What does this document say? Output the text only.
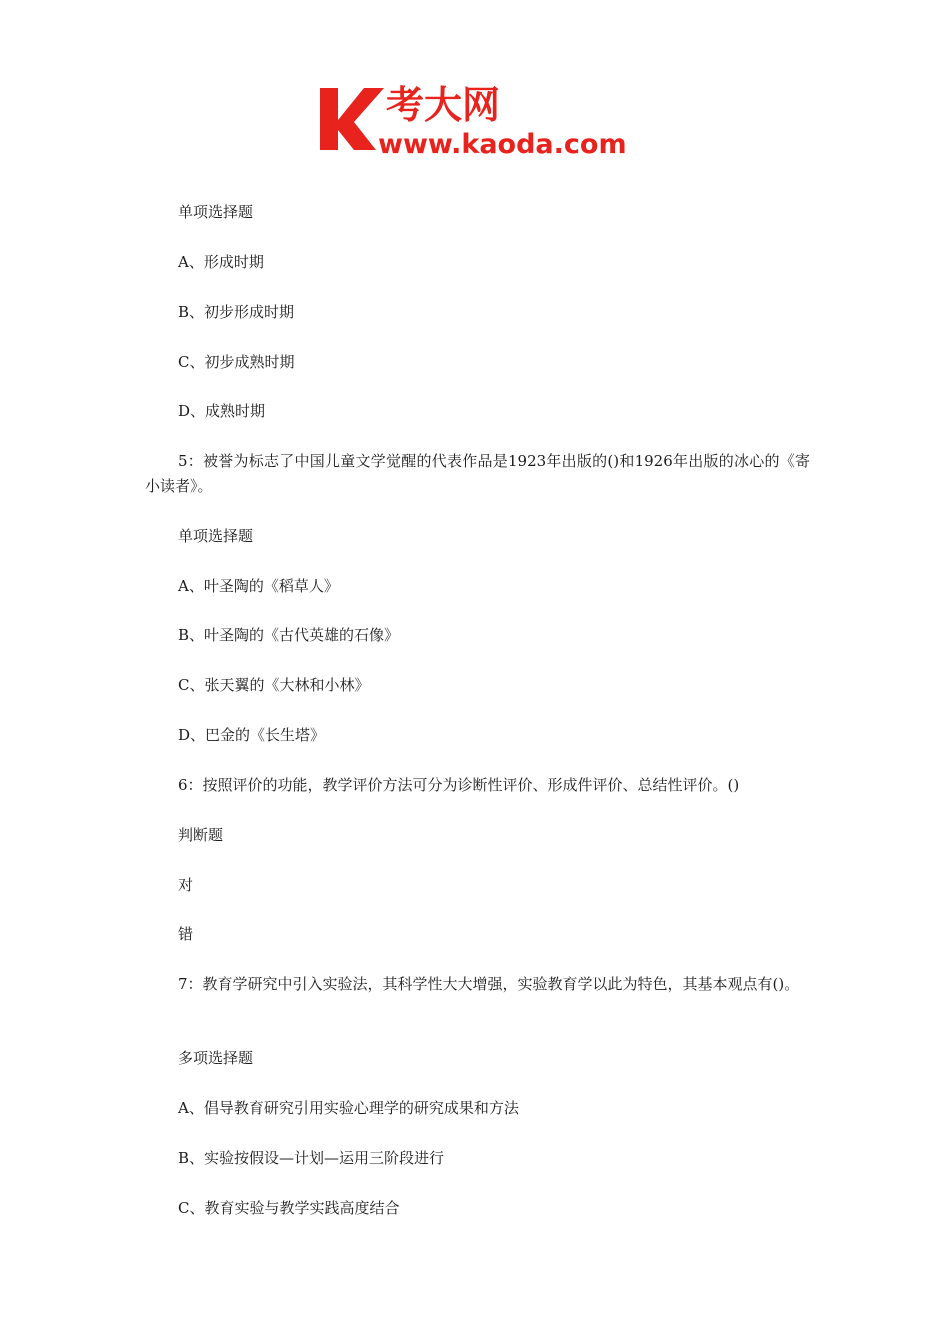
考大网
www.kaoda.com
单项选择题
A、形成时期
B、初步形成时期
C、初步成熟时期
D、成熟时期
5：被誉为标志了中国儿童文学觉醒的代表作品是1923年出版的()和1926年出版的冰心的《寄小读者》。
单项选择题
A、叶圣陶的《稻草人》
B、叶圣陶的《古代英雄的石像》
C、张天翼的《大林和小林》
D、巴金的《长生塔》
6：按照评价的功能，教学评价方法可分为诊断性评价、形成件评价、总结性评价。()
判断题
对
错
7：教育学研究中引入实验法，其科学性大大增强，实验教育学以此为特色，其基本观点有()。
多项选择题
A、倡导教育研究引用实验心理学的研究成果和方法
B、实验按假设—计划—运用三阶段进行
C、教育实验与教学实践高度结合
